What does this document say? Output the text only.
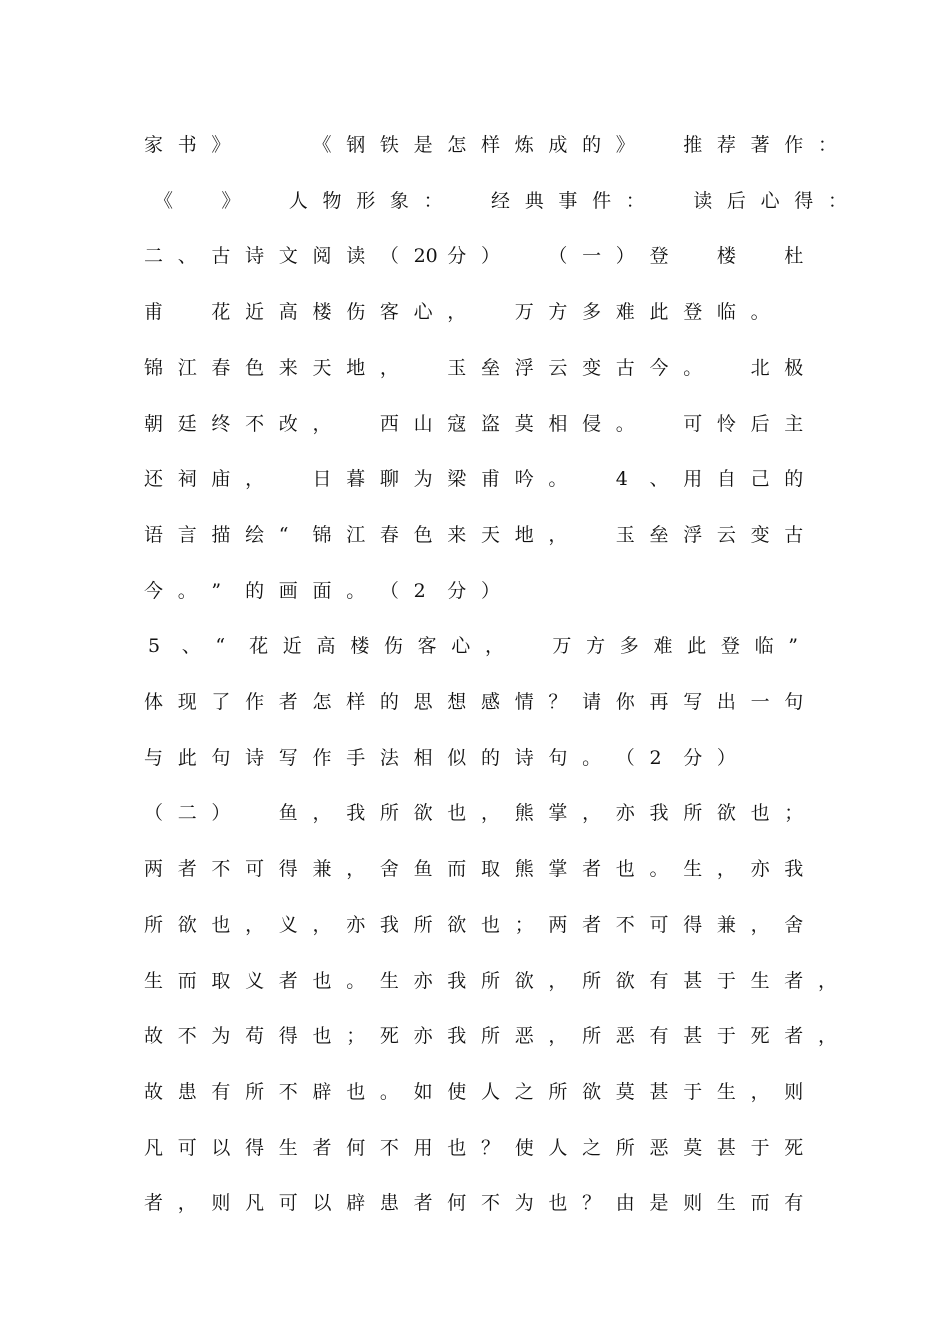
家 书 》	《 钢 铁 是 怎 样 炼 成 的 》	推 荐 著 作 ：
《	》	人 物 形 象 ：	经 典 事 件 ：	读 后 心 得 ：
二 、 古 诗 文 阅 读 （ 20 分 ）	（ 一 ） 登	楼	杜
甫	花 近 高 楼 伤 客 心 ，	万 方 多 难 此 登 临 。
锦 江 春 色 来 天 地 ，	玉 垒 浮 云 变 古 今 。	北 极
朝 廷 终 不 改 ，	西 山 寇 盗 莫 相 侵 。	可 怜 后 主
还 祠 庙 ，	日 暮 聊 为 梁 甫 吟 。	4 、 用 自 己 的
语 言 描 绘 “ 锦 江 春 色 来 天 地 ，	玉 垒 浮 云 变 古
今 。 ” 的 画 面 。 （ 2 分 ）
5 、 “ 花 近 高 楼 伤 客 心 ，	万 方 多 难 此 登 临 ”
体 现 了 作 者 怎 样 的 思 想 感 情 ？ 请 你 再 写 出 一 句
与 此 句 诗 写 作 手 法 相 似 的 诗 句 。 （ 2 分 ）
（ 二 ）	鱼 ， 我 所 欲 也 ， 熊 掌 ， 亦 我 所 欲 也 ；
两 者 不 可 得 兼 ， 舍 鱼 而 取 熊 掌 者 也 。 生 ， 亦 我
所 欲 也 ， 义 ， 亦 我 所 欲 也 ； 两 者 不 可 得 兼 ， 舍
生 而 取 义 者 也 。 生 亦 我 所 欲 ， 所 欲 有 甚 于 生 者 ，
故 不 为 苟 得 也 ； 死 亦 我 所 恶 ， 所 恶 有 甚 于 死 者 ，
故 患 有 所 不 辟 也 。 如 使 人 之 所 欲 莫 甚 于 生 ， 则
凡 可 以 得 生 者 何 不 用 也 ？ 使 人 之 所 恶 莫 甚 于 死
者 ， 则 凡 可 以 辟 患 者 何 不 为 也 ？ 由 是 则 生 而 有
